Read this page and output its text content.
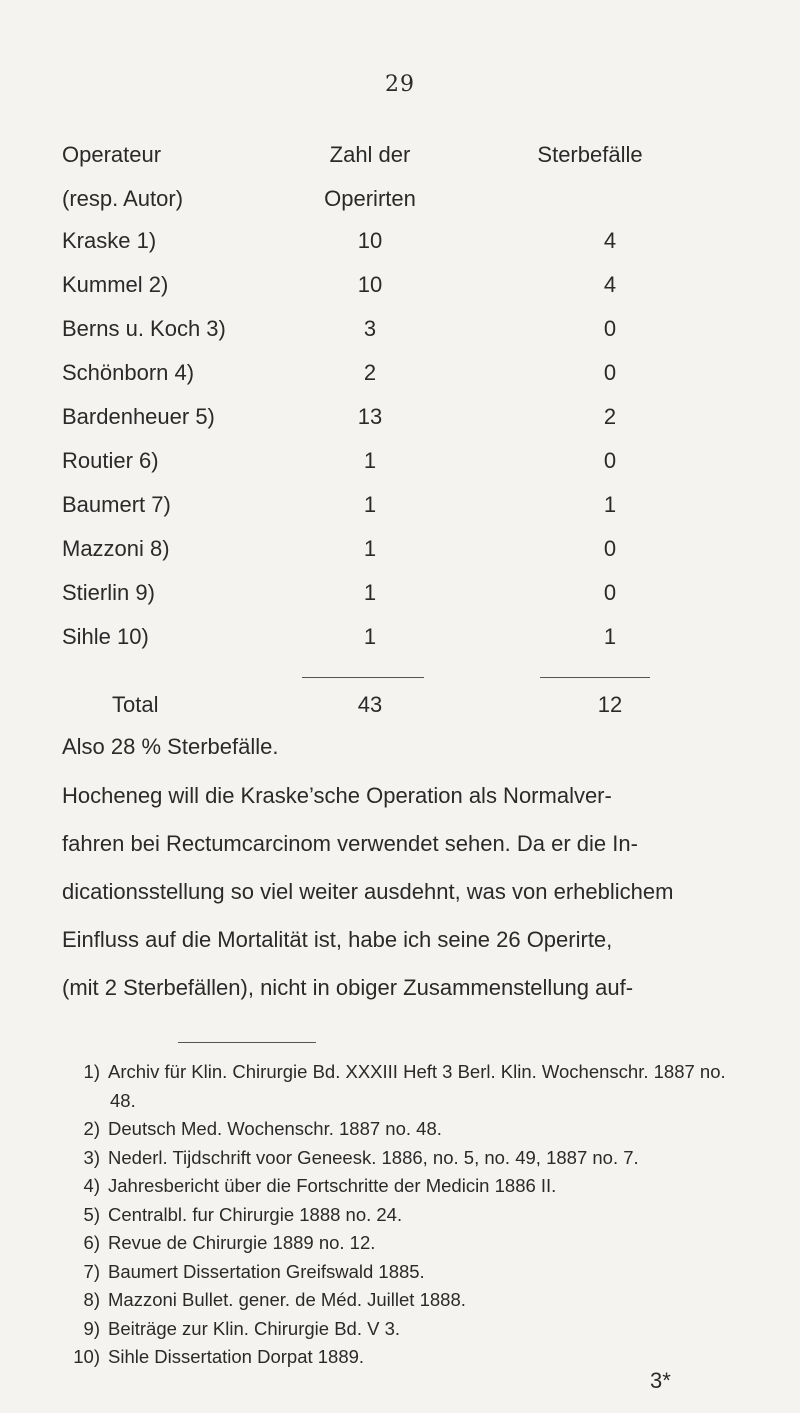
29
Operateur	Zahl der	Sterbefälle
(resp. Autor)	Operirten
Kraske 1)	10	4
Kummel 2)	10	4
Berns u. Koch 3)	3	0
Schönborn 4)	2	0
Bardenheuer 5)	13	2
Routier 6)	1	0
Baumert 7)	1	1
Mazzoni 8)	1	0
Stierlin 9)	1	0
Sihle 10)	1	1
Total	43	12
Also 28 % Sterbefälle.

Hocheneg will die Kraske’sche Operation als Normalver-

fahren bei Rectumcarcinom verwendet sehen. Da er die In-

dicationsstellung so viel weiter ausdehnt, was von erheblichem

Einfluss auf die Mortalität ist, habe ich seine 26 Operirte,

(mit 2 Sterbefällen), nicht in obiger Zusammenstellung auf-

1) Archiv für Klin. Chirurgie Bd. XXXIII Heft 3 Berl. Klin. Wochenschr. 1887 no. 48.
2) Deutsch Med. Wochenschr. 1887 no. 48.
3) Nederl. Tijdschrift voor Geneesk. 1886, no. 5, no. 49, 1887 no. 7.
4) Jahresbericht über die Fortschritte der Medicin 1886 II.
5) Centralbl. fur Chirurgie 1888 no. 24.
6) Revue de Chirurgie 1889 no. 12.
7) Baumert Dissertation Greifswald 1885.
8) Mazzoni Bullet. gener. de Méd. Juillet 1888.
9) Beiträge zur Klin. Chirurgie Bd. V 3.
10) Sihle Dissertation Dorpat 1889.
3*
